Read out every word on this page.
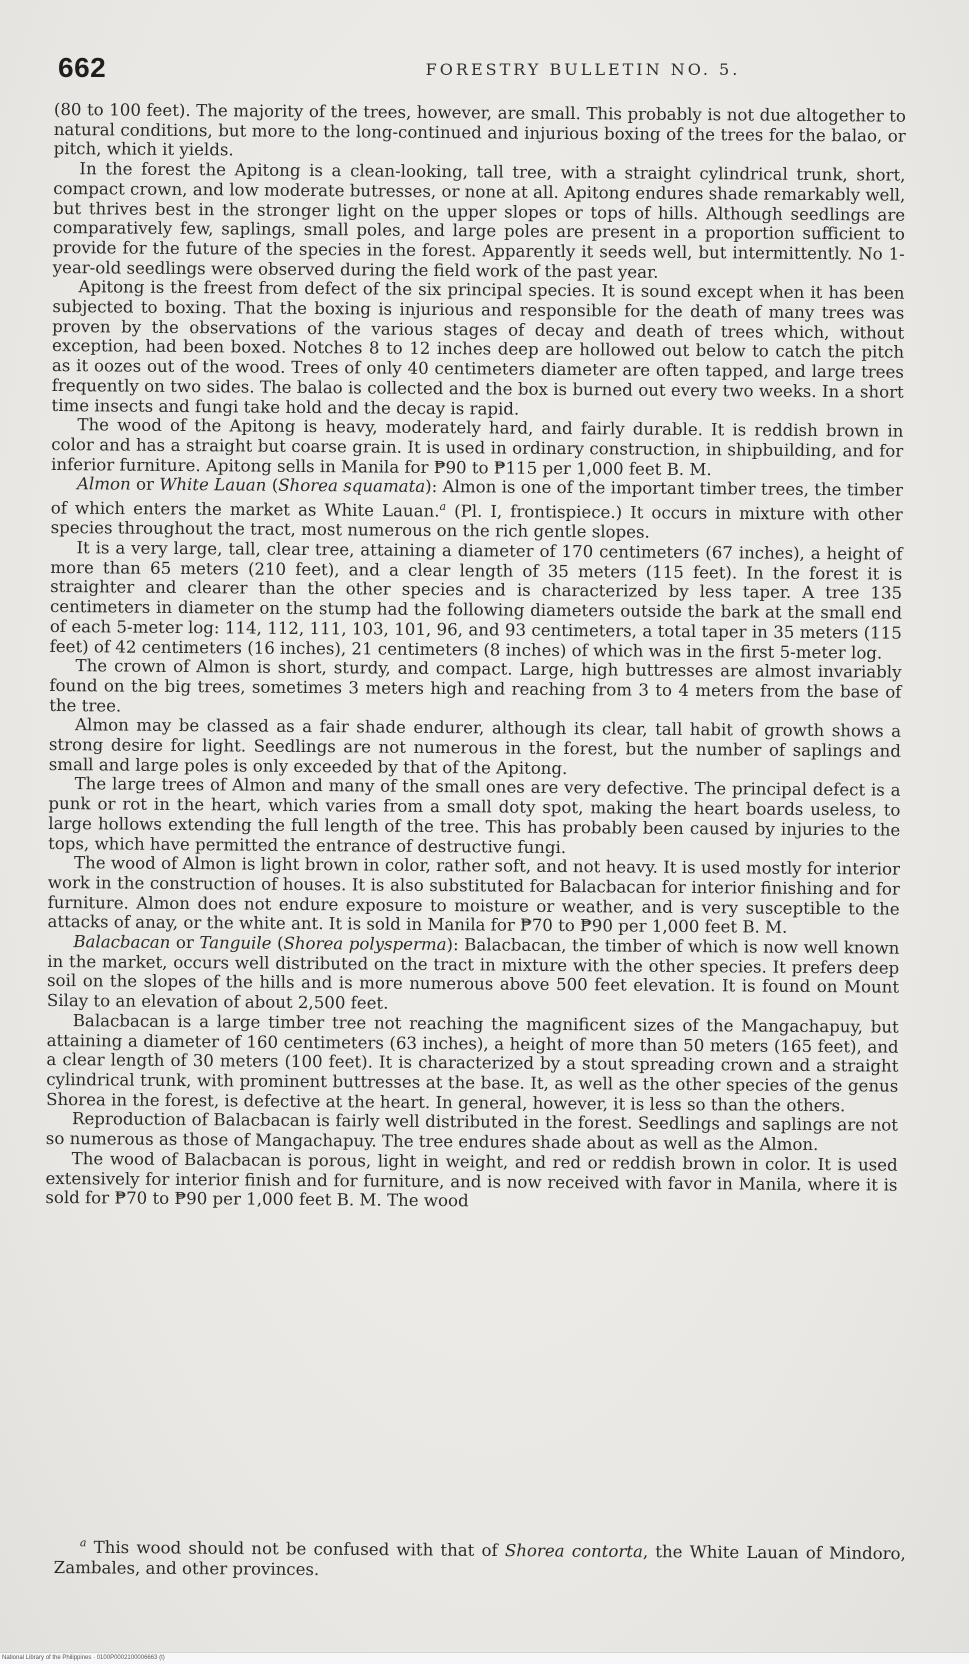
662	FORESTRY BULLETIN NO. 5.

(80 to 100 feet). The majority of the trees, however, are small. This probably is not due altogether to natural conditions, but more to the long-continued and injurious boxing of the trees for the balao, or pitch, which it yields.

In the forest the Apitong is a clean-looking, tall tree, with a straight cylindrical trunk, short, compact crown, and low moderate butresses, or none at all. Apitong endures shade remarkably well, but thrives best in the stronger light on the upper slopes or tops of hills. Although seedlings are comparatively few, saplings, small poles, and large poles are present in a proportion sufficient to provide for the future of the species in the forest. Apparently it seeds well, but intermittently. No 1-year-old seedlings were observed during the field work of the past year.

Apitong is the freest from defect of the six principal species. It is sound except when it has been subjected to boxing. That the boxing is injurious and responsible for the death of many trees was proven by the observations of the various stages of decay and death of trees which, without exception, had been boxed. Notches 8 to 12 inches deep are hollowed out below to catch the pitch as it oozes out of the wood. Trees of only 40 centimeters diameter are often tapped, and large trees frequently on two sides. The balao is collected and the box is burned out every two weeks. In a short time insects and fungi take hold and the decay is rapid.

The wood of the Apitong is heavy, moderately hard, and fairly durable. It is reddish brown in color and has a straight but coarse grain. It is used in ordinary construction, in shipbuilding, and for inferior furniture. Apitong sells in Manila for ₱90 to ₱115 per 1,000 feet B. M.

Almon or White Lauan (Shorea squamata): Almon is one of the important timber trees, the timber of which enters the market as White Lauan.$^a$ (Pl. I, frontispiece.) It occurs in mixture with other species throughout the tract, most numerous on the rich gentle slopes.

It is a very large, tall, clear tree, attaining a diameter of 170 centimeters (67 inches), a height of more than 65 meters (210 feet), and a clear length of 35 meters (115 feet). In the forest it is straighter and clearer than the other species and is characterized by less taper. A tree 135 centimeters in diameter on the stump had the following diameters outside the bark at the small end of each 5-meter log: 114, 112, 111, 103, 101, 96, and 93 centimeters, a total taper in 35 meters (115 feet) of 42 centimeters (16 inches), 21 centimeters (8 inches) of which was in the first 5-meter log.

The crown of Almon is short, sturdy, and compact. Large, high buttresses are almost invariably found on the big trees, sometimes 3 meters high and reaching from 3 to 4 meters from the base of the tree.

Almon may be classed as a fair shade endurer, although its clear, tall habit of growth shows a strong desire for light. Seedlings are not numerous in the forest, but the number of saplings and small and large poles is only exceeded by that of the Apitong.

The large trees of Almon and many of the small ones are very defective. The principal defect is a punk or rot in the heart, which varies from a small doty spot, making the heart boards useless, to large hollows extending the full length of the tree. This has probably been caused by injuries to the tops, which have permitted the entrance of destructive fungi.

The wood of Almon is light brown in color, rather soft, and not heavy. It is used mostly for interior work in the construction of houses. It is also substituted for Balacbacan for interior finishing and for furniture. Almon does not endure exposure to moisture or weather, and is very susceptible to the attacks of anay, or the white ant. It is sold in Manila for ₱70 to ₱90 per 1,000 feet B. M.

Balacbacan or Tanguile (Shorea polysperma): Balacbacan, the timber of which is now well known in the market, occurs well distributed on the tract in mixture with the other species. It prefers deep soil on the slopes of the hills and is more numerous above 500 feet elevation. It is found on Mount Silay to an elevation of about 2,500 feet.

Balacbacan is a large timber tree not reaching the magnificent sizes of the Mangachapuy, but attaining a diameter of 160 centimeters (63 inches), a height of more than 50 meters (165 feet), and a clear length of 30 meters (100 feet). It is characterized by a stout spreading crown and a straight cylindrical trunk, with prominent buttresses at the base. It, as well as the other species of the genus Shorea in the forest, is defective at the heart. In general, however, it is less so than the others.

Reproduction of Balacbacan is fairly well distributed in the forest. Seedlings and saplings are not so numerous as those of Mangachapuy. The tree endures shade about as well as the Almon.

The wood of Balacbacan is porous, light in weight, and red or reddish brown in color. It is used extensively for interior finish and for furniture, and is now received with favor in Manila, where it is sold for ₱70 to ₱90 per 1,000 feet B. M. The wood

$^a$ This wood should not be confused with that of Shorea contorta, the White Lauan of Mindoro, Zambales, and other provinces.

National Library of the Philippines · 0100P0002100006663 (t)
